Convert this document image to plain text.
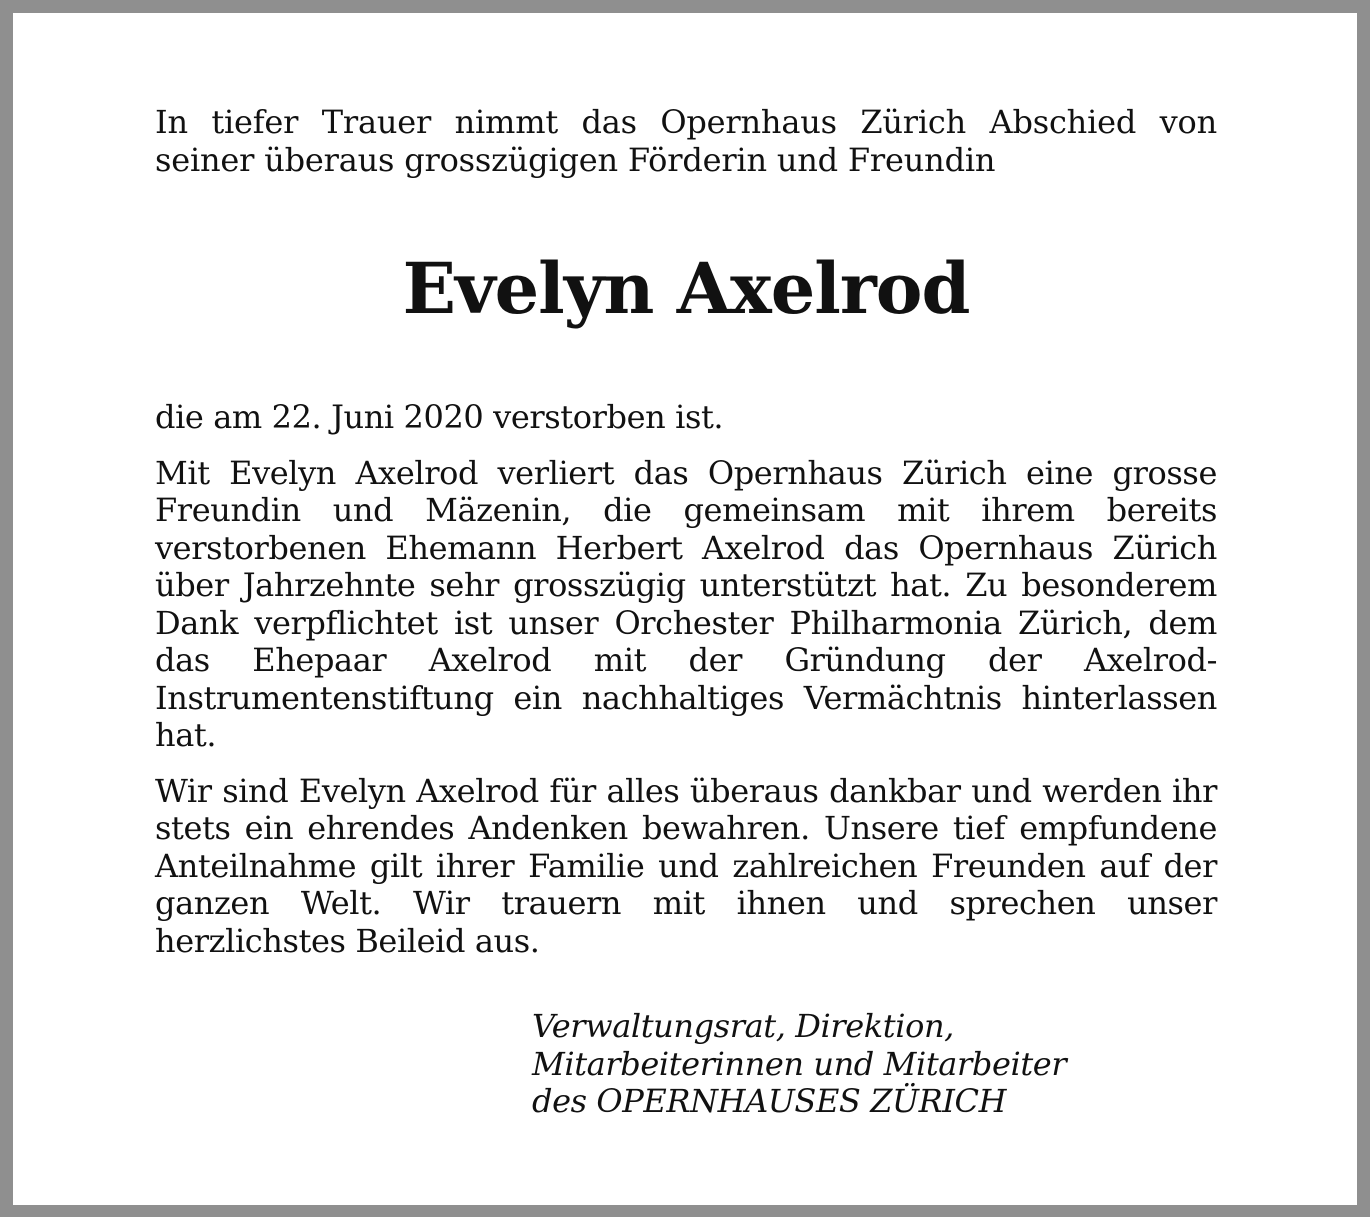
In tiefer Trauer nimmt das Opernhaus Zürich Abschied von seiner überaus grosszügigen Förderin und Freundin

Evelyn Axelrod

die am 22. Juni 2020 verstorben ist.

Mit Evelyn Axelrod verliert das Opernhaus Zürich eine grosse Freundin und Mäzenin, die gemeinsam mit ihrem bereits verstorbenen Ehemann Herbert Axelrod das Opernhaus Zürich über Jahrzehnte sehr grosszügig unterstützt hat. Zu besonderem Dank verpflichtet ist unser Orchester Philharmonia Zürich, dem das Ehepaar Axelrod mit der Gründung der Axelrod-Instrumentenstiftung ein nachhaltiges Vermächtnis hinterlassen hat.

Wir sind Evelyn Axelrod für alles überaus dankbar und werden ihr stets ein ehrendes Andenken bewahren. Unsere tief empfundene Anteilnahme gilt ihrer Familie und zahlreichen Freunden auf der ganzen Welt. Wir trauern mit ihnen und sprechen unser herzlichstes Beileid aus.

Verwaltungsrat, Direktion,
Mitarbeiterinnen und Mitarbeiter
des OPERNHAUSES ZÜRICH
